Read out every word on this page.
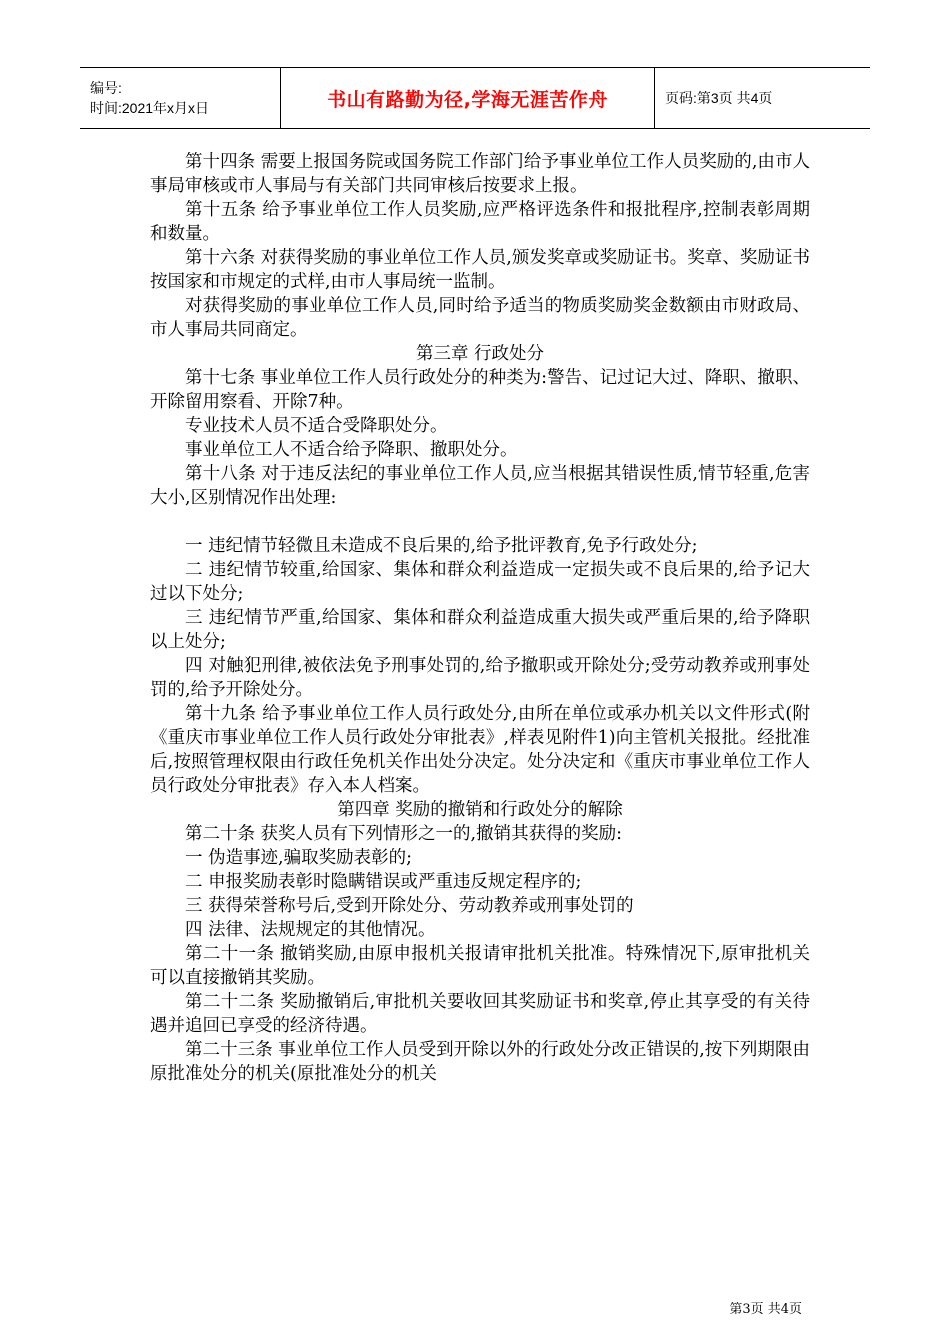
编号:
时间:2021年x月x日	书山有路勤为径,学海无涯苦作舟	页码:第3页 共4页

第十四条 需要上报国务院或国务院工作部门给予事业单位工作人员奖励的,由市人事局审核或市人事局与有关部门共同审核后按要求上报。

第十五条 给予事业单位工作人员奖励,应严格评选条件和报批程序,控制表彰周期和数量。

第十六条 对获得奖励的事业单位工作人员,颁发奖章或奖励证书。奖章、奖励证书按国家和市规定的式样,由市人事局统一监制。

对获得奖励的事业单位工作人员,同时给予适当的物质奖励奖金数额由市财政局、市人事局共同商定。

第三章 行政处分

第十七条 事业单位工作人员行政处分的种类为:警告、记过记大过、降职、撤职、开除留用察看、开除7种。

专业技术人员不适合受降职处分。

事业单位工人不适合给予降职、撤职处分。

第十八条 对于违反法纪的事业单位工作人员,应当根据其错误性质,情节轻重,危害大小,区别情况作出处理:

一 违纪情节轻微且未造成不良后果的,给予批评教育,免予行政处分;

二 违纪情节较重,给国家、集体和群众利益造成一定损失或不良后果的,给予记大过以下处分;

三 违纪情节严重,给国家、集体和群众利益造成重大损失或严重后果的,给予降职以上处分;

四 对触犯刑律,被依法免予刑事处罚的,给予撤职或开除处分;受劳动教养或刑事处罚的,给予开除处分。

第十九条 给予事业单位工作人员行政处分,由所在单位或承办机关以文件形式(附《重庆市事业单位工作人员行政处分审批表》,样表见附件1)向主管机关报批。经批准后,按照管理权限由行政任免机关作出处分决定。处分决定和《重庆市事业单位工作人员行政处分审批表》存入本人档案。

第四章 奖励的撤销和行政处分的解除

第二十条 获奖人员有下列情形之一的,撤销其获得的奖励:

一 伪造事迹,骗取奖励表彰的;

二 申报奖励表彰时隐瞒错误或严重违反规定程序的;

三 获得荣誉称号后,受到开除处分、劳动教养或刑事处罚的

四 法律、法规规定的其他情况。

第二十一条 撤销奖励,由原申报机关报请审批机关批准。特殊情况下,原审批机关可以直接撤销其奖励。

第二十二条 奖励撤销后,审批机关要收回其奖励证书和奖章,停止其享受的有关待遇并追回已享受的经济待遇。

第二十三条 事业单位工作人员受到开除以外的行政处分改正错误的,按下列期限由原批准处分的机关(原批准处分的机关

第3页 共4页
